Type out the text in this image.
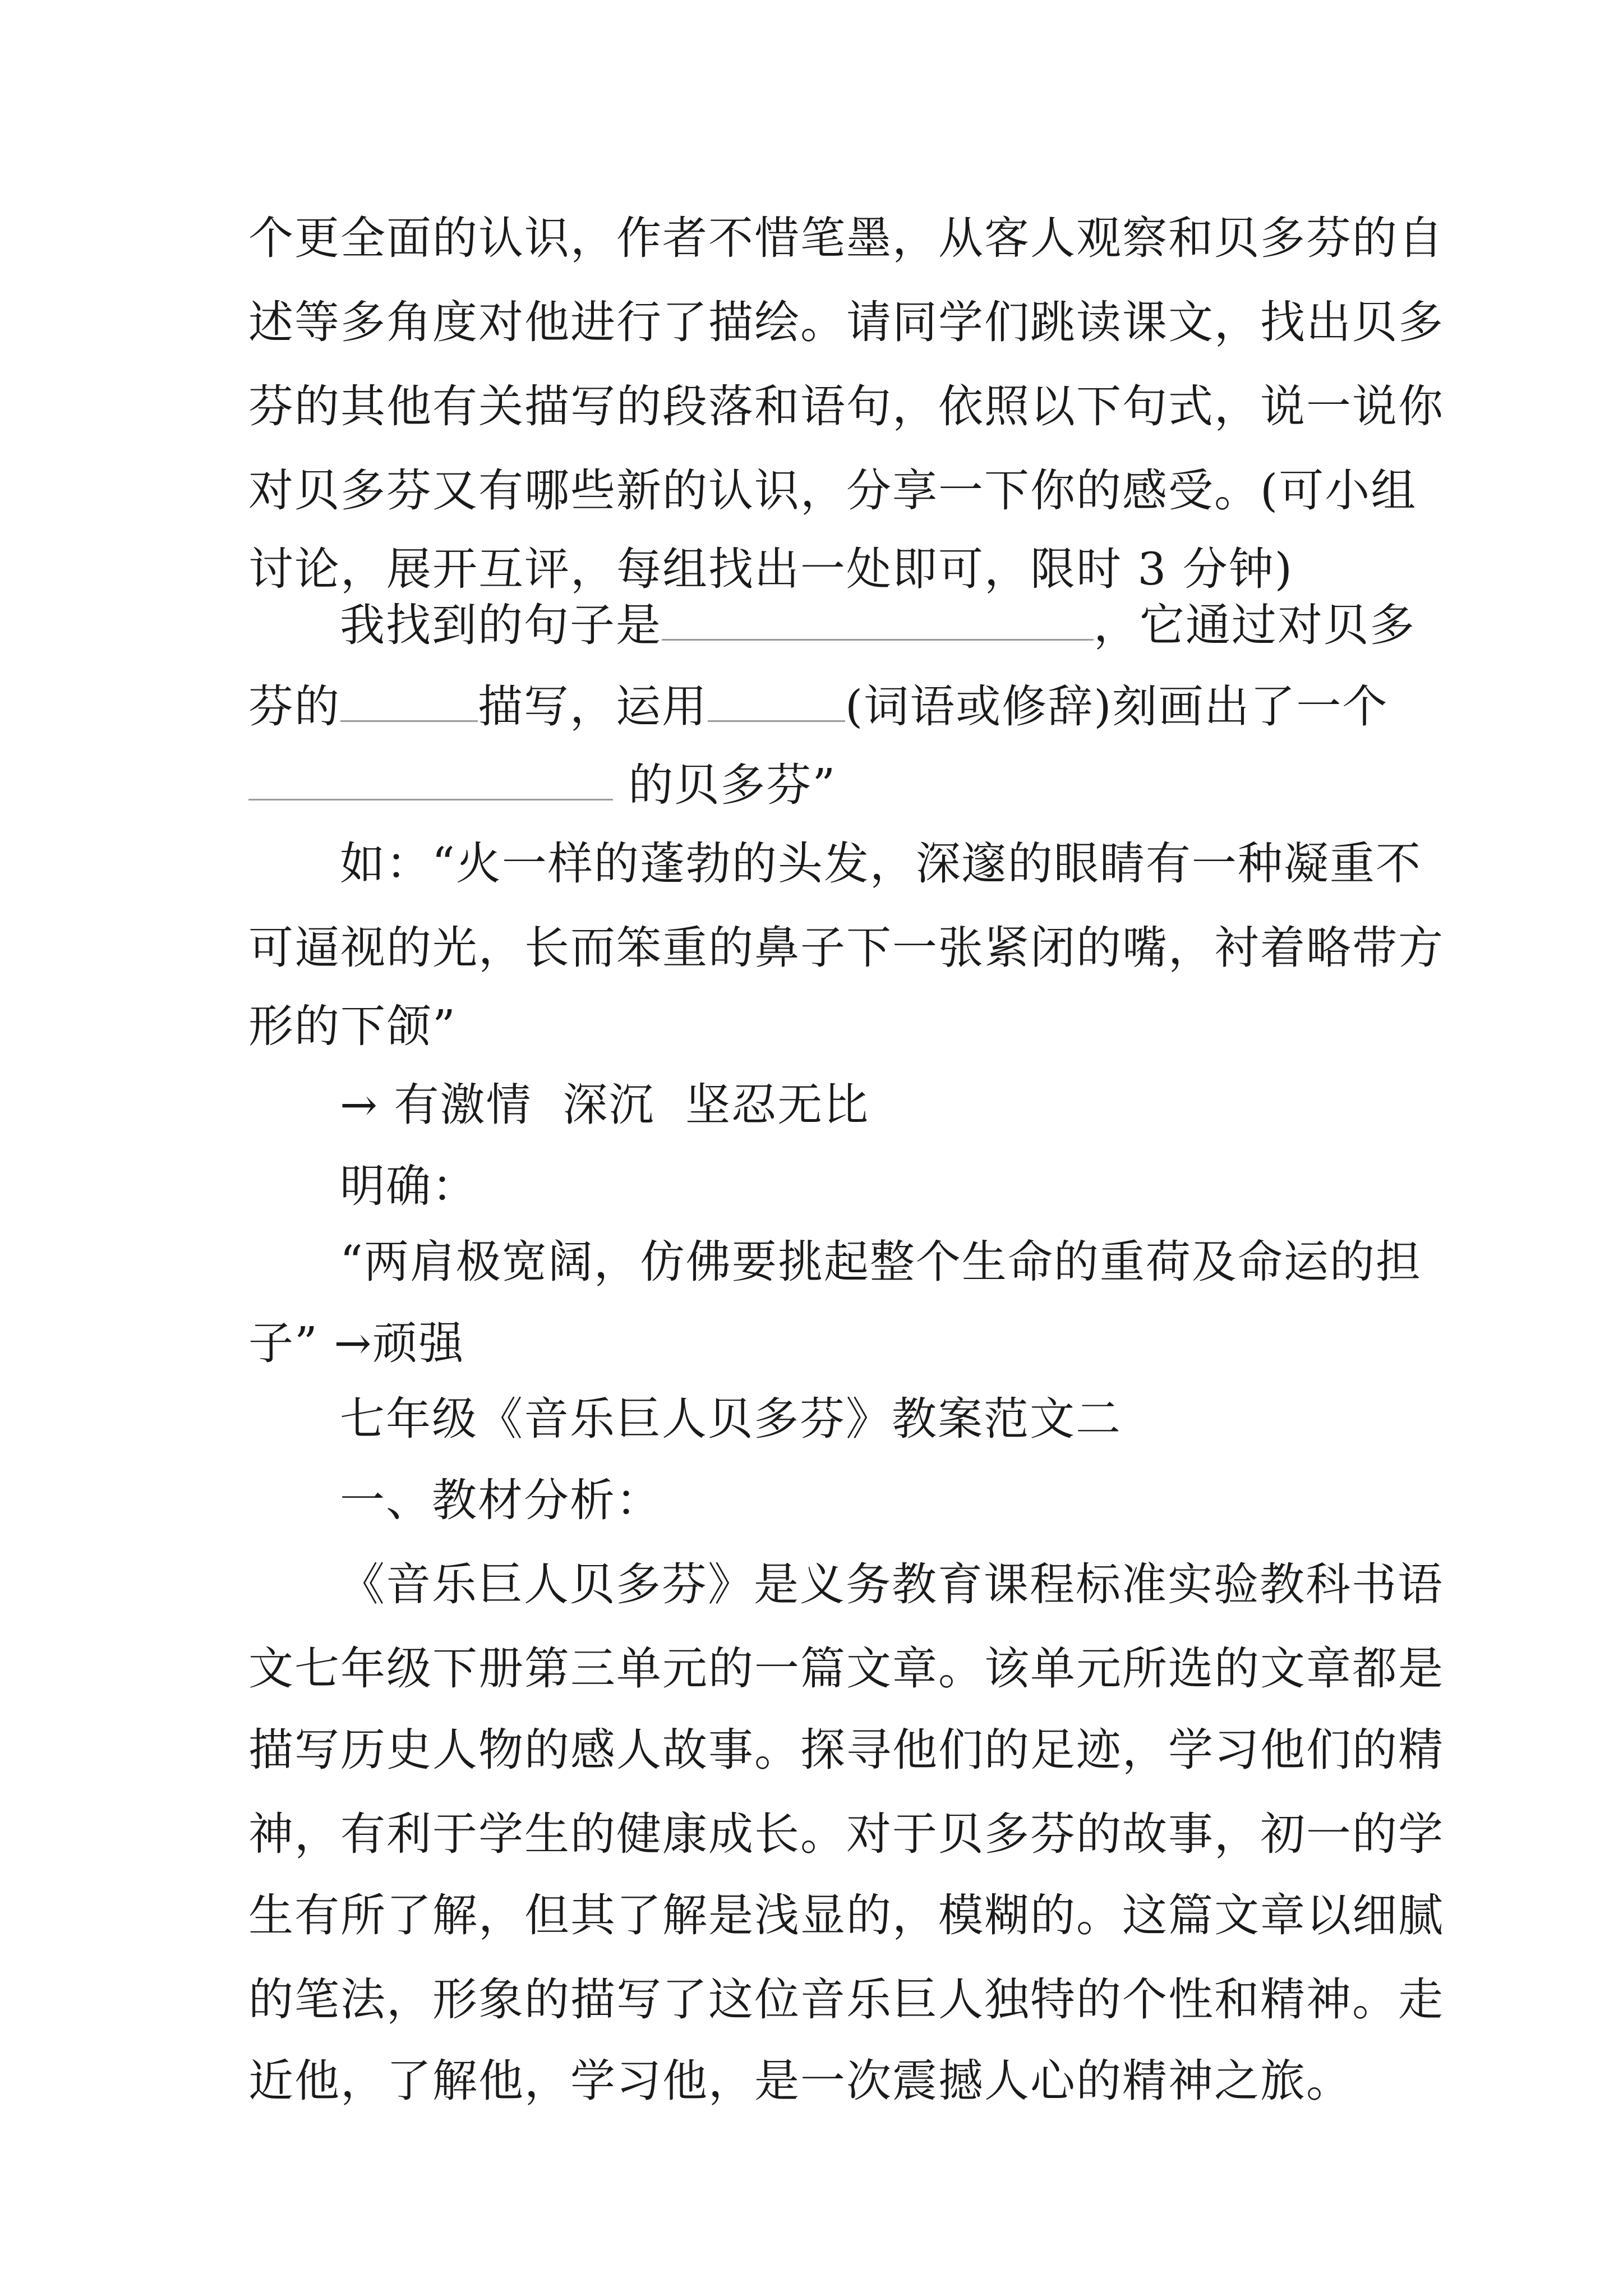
个更全面的认识，作者不惜笔墨，从客人观察和贝多芬的自
述等多角度对他进行了描绘。请同学们跳读课文，找出贝多
芬的其他有关描写的段落和语句，依照以下句式，说一说你
对贝多芬又有哪些新的认识，分享一下你的感受。(可小组
讨论，展开互评，每组找出一处即可，限时 3 分钟)
我找到的句子是	，它通过对贝多
芬的	描写，运用	(词语或修辞)刻画出了一个
的贝多芬”
如：“火一样的蓬勃的头发，深邃的眼睛有一种凝重不
可逼视的光，长而笨重的鼻子下一张紧闭的嘴，衬着略带方
形的下颌”
→ 有激情  深沉  坚忍无比
明确：
“两肩极宽阔，仿佛要挑起整个生命的重荷及命运的担
子” →顽强
七年级《音乐巨人贝多芬》教案范文二
一、教材分析：
《音乐巨人贝多芬》是义务教育课程标准实验教科书语
文七年级下册第三单元的一篇文章。该单元所选的文章都是
描写历史人物的感人故事。探寻他们的足迹，学习他们的精
神，有利于学生的健康成长。对于贝多芬的故事，初一的学
生有所了解，但其了解是浅显的，模糊的。这篇文章以细腻
的笔法，形象的描写了这位音乐巨人独特的个性和精神。走
近他，了解他，学习他，是一次震撼人心的精神之旅。
